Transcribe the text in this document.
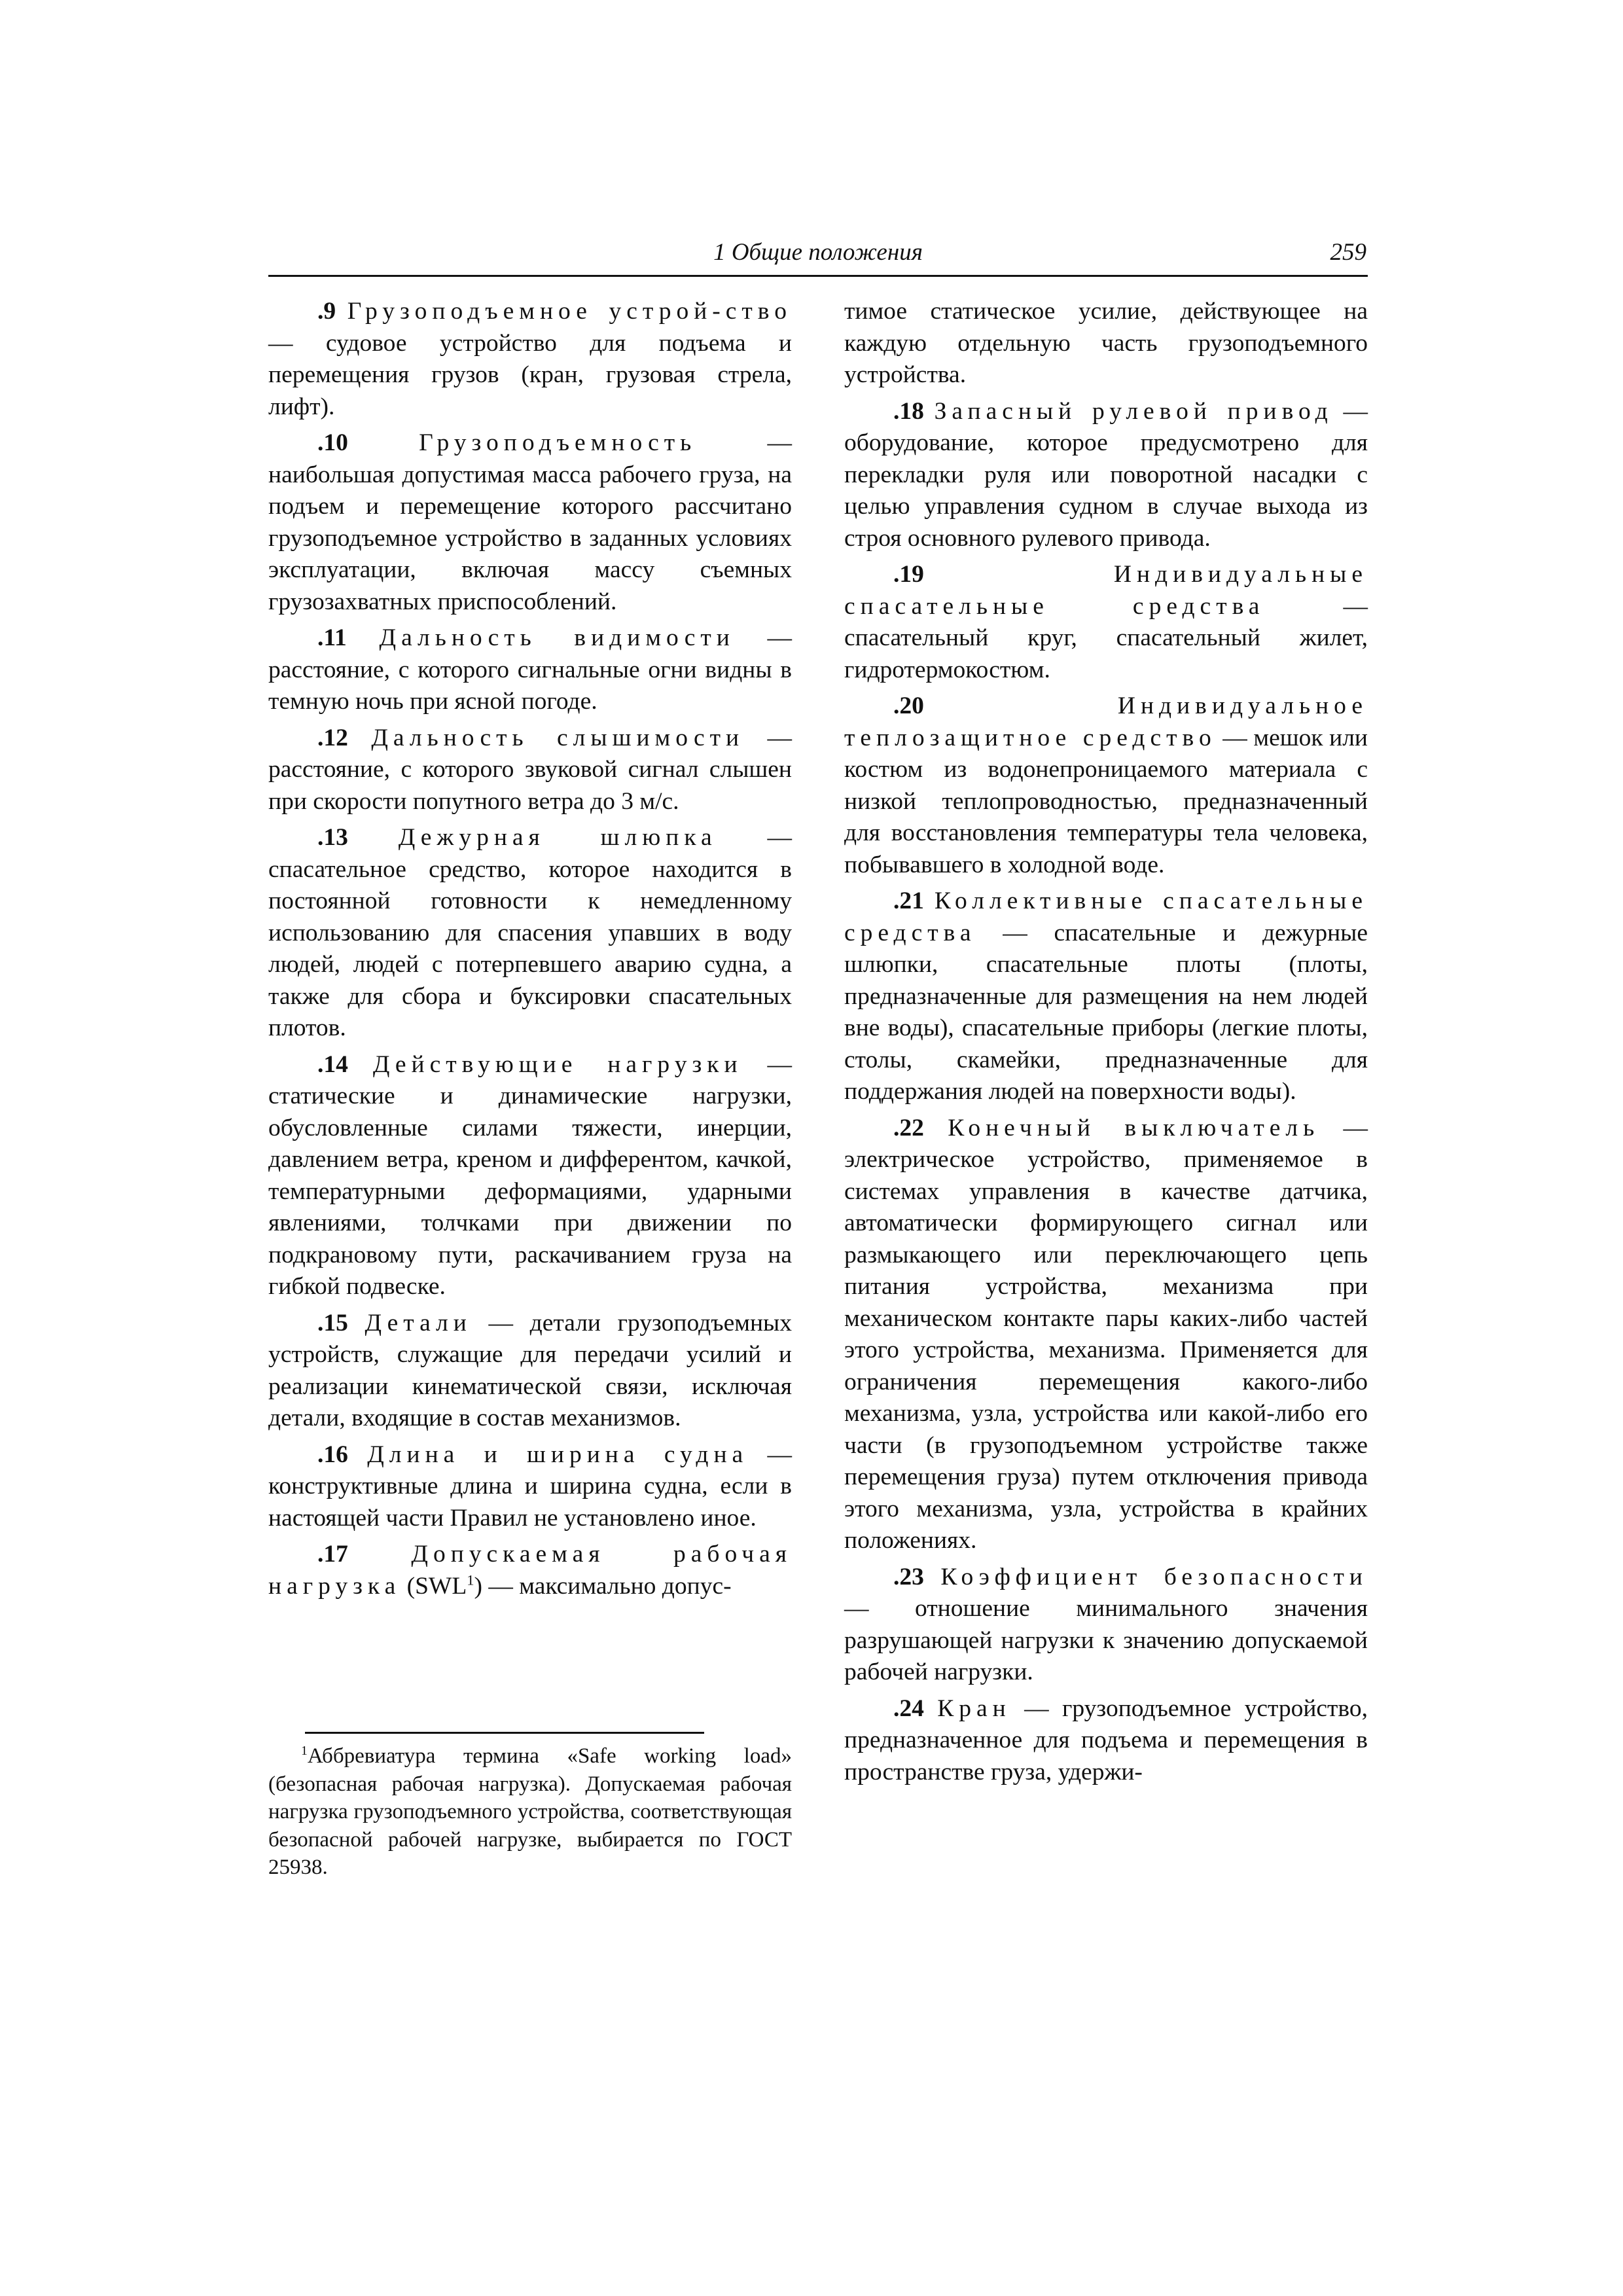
1 Общие положения	259

.9 Грузоподъемное устрой-ство — судовое устройство для подъема и перемещения грузов (кран, грузовая стрела, лифт).

.10	Грузоподъемность — наибольшая допустимая масса рабочего груза, на подъем и перемещение которого рассчитано грузоподъемное устройство в заданных условиях эксплуатации, включая массу съемных грузозахватных приспособлений.

.11 Дальность видимости — расстояние, с которого сигнальные огни видны в темную ночь при ясной погоде.

.12 Дальность слышимости — расстояние, с которого звуковой сигнал слышен при скорости попутного ветра до 3 м/с.

.13 Дежурная шлюпка — спасательное средство, которое находится в постоянной готовности к немедленному использованию для спасения упавших в воду людей, людей с потерпевшего аварию судна, а также для сбора и буксировки спасательных плотов.

.14 Действующие нагрузки — статические и динамические нагрузки, обусловленные силами тяжести, инерции, давлением ветра, креном и дифферентом, качкой, температурными деформациями, ударными явлениями, толчками при движении по подкрановому пути, раскачиванием груза на гибкой подвеске.

.15 Детали — детали грузоподъемных устройств, служащие для передачи усилий и реализации кинематической связи, исключая детали, входящие в состав механизмов.

.16 Длина и ширина судна — конструктивные длина и ширина судна, если в настоящей части Правил не установлено иное.

.17	Допускаемая рабочая нагрузка (SWL$^1$) — максимально допус-

$^1$Аббревиатура термина «Safe working load» (безопасная рабочая нагрузка). Допускаемая рабочая нагрузка грузоподъемного устройства, соответствующая безопасной рабочей нагрузке, выбирается по ГОСТ 25938.

тимое статическое усилие, действующее на каждую отдельную часть грузоподъемного устройства.

.18 Запасный рулевой привод — оборудование, которое предусмотрено для перекладки руля или поворотной насадки с целью управления судном в случае выхода из строя основного рулевого привода.

.19	Индивидуальные спасательные средства — спасательный круг, спасательный жилет, гидротермокостюм.

.20	Индивидуальное теплозащитное средство — мешок или костюм из водонепроницаемого материала с низкой теплопроводностью, предназначенный для восстановления температуры тела человека, побывавшего в холодной воде.

.21 Коллективные спасательные средства — спасательные и дежурные шлюпки, спасательные плоты (плоты, предназначенные для размещения на нем людей вне воды), спасательные приборы (легкие плоты, столы, скамейки, предназначенные для поддержания людей на поверхности воды).

.22 Конечный выключатель — электрическое устройство, применяемое в системах управления в качестве датчика, автоматически формирующего сигнал или размыкающего или переключающего цепь питания устройства, механизма при механическом контакте пары каких-либо частей этого устройства, механизма. Применяется для ограничения перемещения какого-либо механизма, узла, устройства или какой-либо его части (в грузоподъемном устройстве также перемещения груза) путем отключения привода этого механизма, узла, устройства в крайних положениях.

.23 Коэффициент безопасности — отношение минимального значения разрушающей нагрузки к значению допускаемой рабочей нагрузки.

.24 Кран — грузоподъемное устройство, предназначенное для подъема и перемещения в пространстве груза, удержи-
